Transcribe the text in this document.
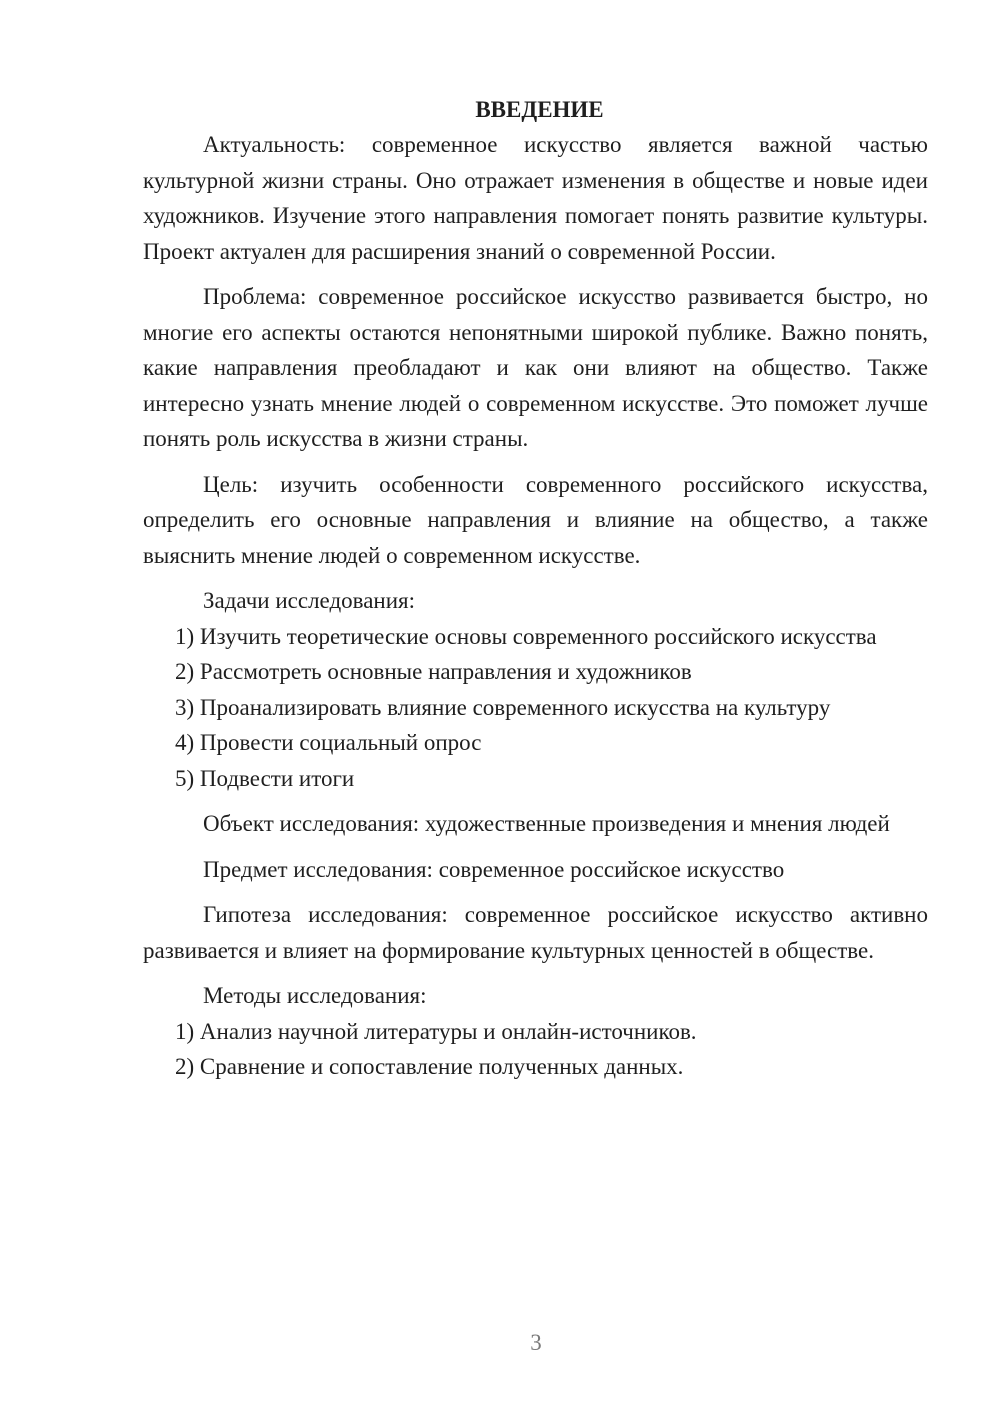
ВВЕДЕНИЕ

Актуальность: современное искусство является важной частью культурной жизни страны. Оно отражает изменения в обществе и новые идеи художников. Изучение этого направления помогает понять развитие культуры. Проект актуален для расширения знаний о современной России.

Проблема: современное российское искусство развивается быстро, но многие его аспекты остаются непонятными широкой публике. Важно понять, какие направления преобладают и как они влияют на общество. Также интересно узнать мнение людей о современном искусстве. Это поможет лучше понять роль искусства в жизни страны.

Цель: изучить особенности современного российского искусства, определить его основные направления и влияние на общество, а также выяснить мнение людей о современном искусстве.

Задачи исследования:

1) Изучить теоретические основы современного российского искусства

2) Рассмотреть основные направления и художников

3) Проанализировать влияние современного искусства на культуру

4) Провести социальный опрос

5) Подвести итоги

Объект исследования: художественные произведения и мнения людей

Предмет исследования: современное российское искусство

Гипотеза исследования: современное российское искусство активно развивается и влияет на формирование культурных ценностей в обществе.

Методы исследования:

1) Анализ научной литературы и онлайн-источников.

2) Сравнение и сопоставление полученных данных.

3
